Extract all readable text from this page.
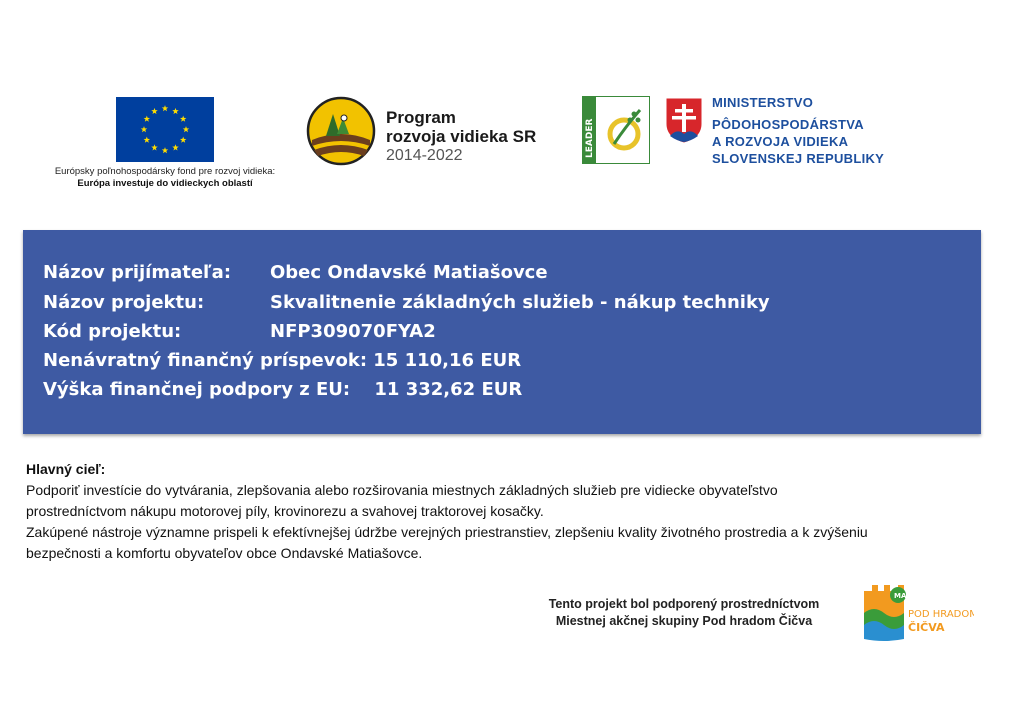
Európsky poľnohospodársky fond pre rozvoj vidieka:
Európa investuje do vidieckych oblastí
Program
rozvoja vidieka SR
2014-2022	LEADER
MINISTERSTVO
PÔDOHOSPODÁRSTVA
A ROZVOJA VIDIEKA
SLOVENSKEJ REPUBLIKY
Názov prijímateľa: Obec Ondavské Matiašovce
Názov projektu:	Skvalitnenie základných služieb - nákup techniky
Kód projektu:	NFP309070FYA2
Nenávratný finančný príspevok: 15 110,16 EUR
Výška finančnej podpory z EU: 11 332,62 EUR
Hlavný cieľ:
Podporiť investície do vytvárania, zlepšovania alebo rozširovania miestnych základných služieb pre vidiecke obyvateľstvo
prostredníctvom nákupu motorovej píly, krovinorezu a svahovej traktorovej kosačky.
Zakúpené nástroje významne prispeli k efektívnejšej údržbe verejných priestranstiev, zlepšeniu kvality životného prostredia a k zvýšeniu
bezpečnosti a komfortu obyvateľov obce Ondavské Matiašovce.
Tento projekt bol podporený prostredníctvom
Miestnej akčnej skupiny Pod hradom Čičva
MAS
POD HRADOM
ČIČVA
